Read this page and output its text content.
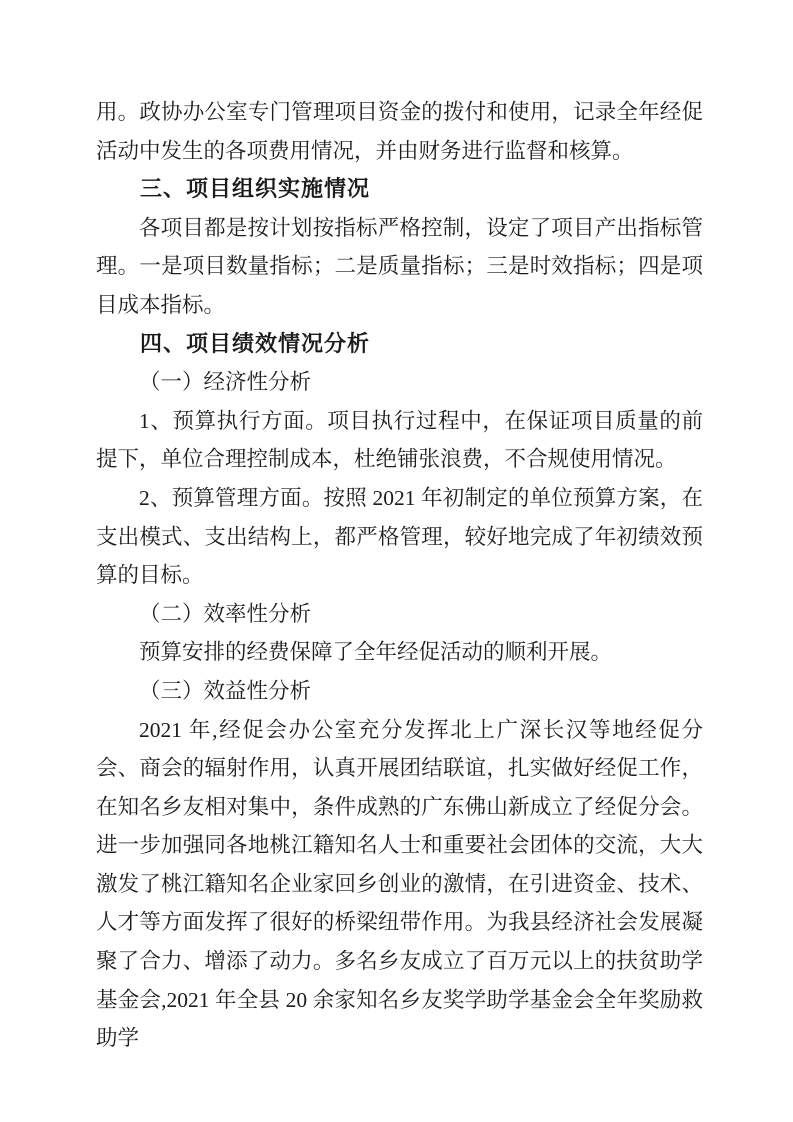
用。政协办公室专门管理项目资金的拨付和使用，记录全年经促活动中发生的各项费用情况，并由财务进行监督和核算。

三、项目组织实施情况

各项目都是按计划按指标严格控制，设定了项目产出指标管理。一是项目数量指标；二是质量指标；三是时效指标；四是项目成本指标。

四、项目绩效情况分析

（一）经济性分析

1、预算执行方面。项目执行过程中，在保证项目质量的前提下，单位合理控制成本，杜绝铺张浪费，不合规使用情况。

2、预算管理方面。按照 2021 年初制定的单位预算方案，在支出模式、支出结构上，都严格管理，较好地完成了年初绩效预算的目标。

（二）效率性分析

预算安排的经费保障了全年经促活动的顺利开展。

（三）效益性分析

2021 年,经促会办公室充分发挥北上广深长汉等地经促分会、商会的辐射作用，认真开展团结联谊，扎实做好经促工作，在知名乡友相对集中，条件成熟的广东佛山新成立了经促分会。进一步加强同各地桃江籍知名人士和重要社会团体的交流，大大激发了桃江籍知名企业家回乡创业的激情，在引进资金、技术、人才等方面发挥了很好的桥梁纽带作用。为我县经济社会发展凝聚了合力、增添了动力。多名乡友成立了百万元以上的扶贫助学基金会,2021 年全县 20 余家知名乡友奖学助学基金会全年奖励救助学
